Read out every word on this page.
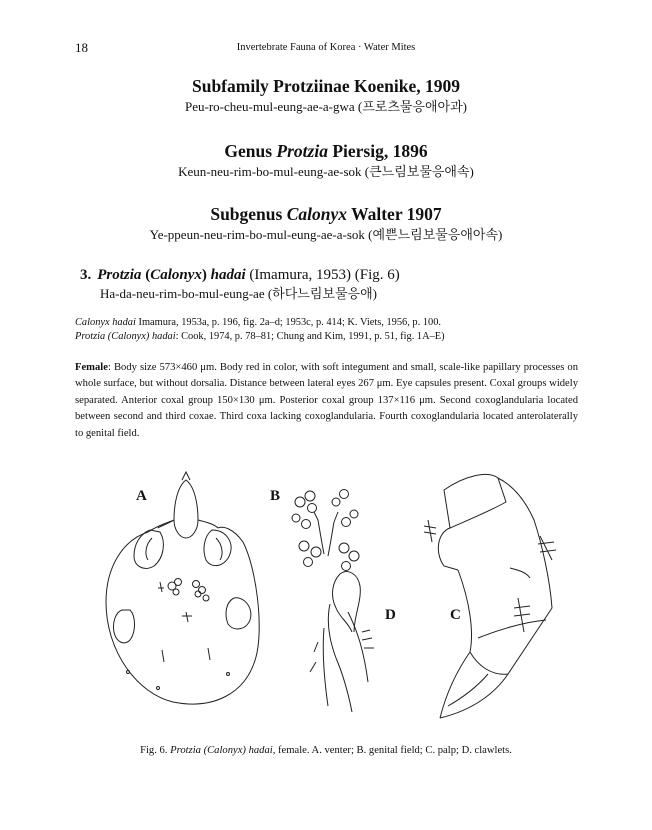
18	Invertebrate Fauna of Korea · Water Mites
Subfamily Protziinae Koenike, 1909
Peu-ro-cheu-mul-eung-ae-a-gwa (프로츠물응애아과)
Genus Protzia Piersig, 1896
Keun-neu-rim-bo-mul-eung-ae-sok (큰느림보물응애속)
Subgenus Calonyx Walter 1907
Ye-ppeun-neu-rim-bo-mul-eung-ae-a-sok (예쁜느림보물응애아속)
3. Protzia (Calonyx) hadai (Imamura, 1953) (Fig. 6)
Ha-da-neu-rim-bo-mul-eung-ae (하다느림보물응애)
Calonyx hadai Imamura, 1953a, p. 196, fig. 2a–d; 1953c, p. 414; K. Viets, 1956, p. 100.
Protzia (Calonyx) hadai: Cook, 1974, p. 78–81; Chung and Kim, 1991, p. 51, fig. 1A–E)
Female: Body size 573×460 μm. Body red in color, with soft integument and small, scale-like papillary processes on whole surface, but without dorsalia. Distance between lateral eyes 267 μm. Eye capsules present. Coxal groups widely separated. Anterior coxal group 150×130 μm. Posterior coxal group 137×116 μm. Second coxoglandularia located between second and third coxae. Third coxa lacking coxoglandularia. Fourth coxoglandularia located anterolaterally to genital field.
A	B
D	C
Fig. 6. Protzia (Calonyx) hadai, female. A. venter; B. genital field; C. palp; D. clawlets.
